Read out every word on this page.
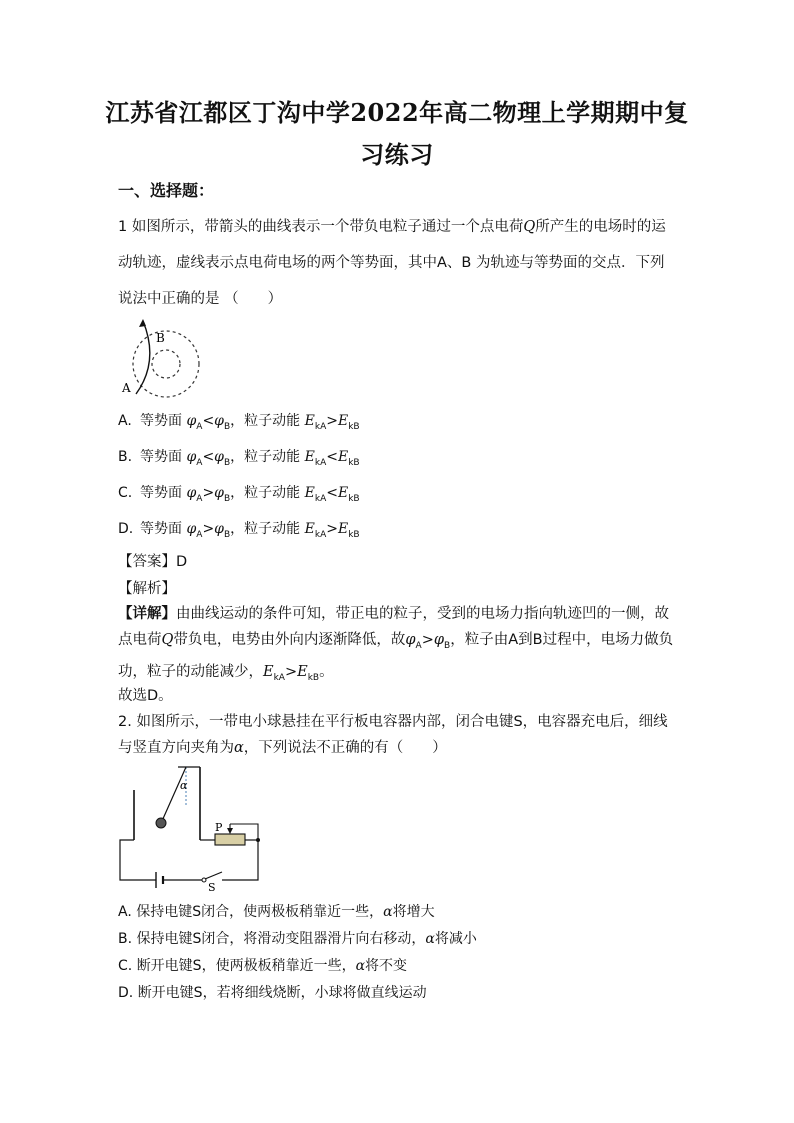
江苏省江都区丁沟中学2022年高二物理上学期期中复习练习
一、选择题：
1 如图所示，带箭头的曲线表示一个带负电粒子通过一个点电荷Q所产生的电场时的运动轨迹，虚线表示点电荷电场的两个等势面，其中A、B 为轨迹与等势面的交点．下列说法中正确的是 （　　）
B
A
A. 等势面 $\varphi_A<\varphi_B$，粒子动能 $E_{kA}>E_{kB}$
B. 等势面 $\varphi_A<\varphi_B$，粒子动能 $E_{kA}<E_{kB}$
C. 等势面 $\varphi_A>\varphi_B$，粒子动能 $E_{kA}<E_{kB}$
D. 等势面 $\varphi_A>\varphi_B$，粒子动能 $E_{kA}>E_{kB}$
【答案】D
【解析】
【详解】由曲线运动的条件可知，带正电的粒子，受到的电场力指向轨迹凹的一侧，故点电荷Q带负电，电势由外向内逐渐降低，故$\varphi_A>\varphi_B$，粒子由A到B过程中，电场力做负功，粒子的动能减少，$E_{kA}>E_{kB}$。
故选D。
2. 如图所示，一带电小球悬挂在平行板电容器内部，闭合电键S，电容器充电后，细线与竖直方向夹角为α，下列说法不正确的有（　　）
α
S
P
A. 保持电键S闭合，使两极板稍靠近一些，α将增大
B. 保持电键S闭合，将滑动变阻器滑片向右移动，α将减小
C. 断开电键S，使两极板稍靠近一些，α将不变
D. 断开电键S，若将细线烧断，小球将做直线运动
